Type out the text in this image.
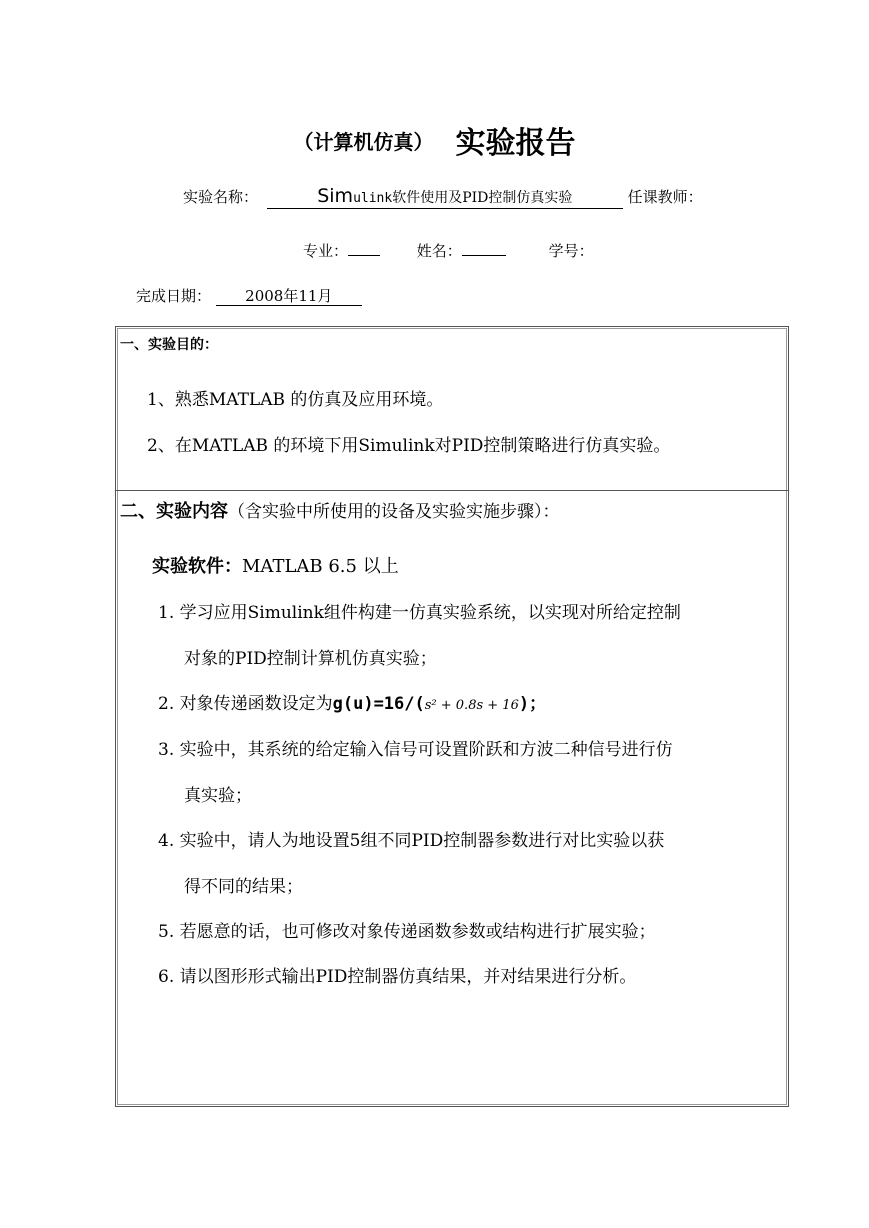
（计算机仿真） 实验报告
实验名称：	Simulink软件使用及PID控制仿真实验	任课教师：
专业：	姓名：	学号：
完成日期： 2008年11月
一、实验目的：
1、熟悉MATLAB 的仿真及应用环境。
2、在MATLAB 的环境下用Simulink对PID控制策略进行仿真实验。
二、实验内容（含实验中所使用的设备及实验实施步骤）：
实验软件：MATLAB 6.5 以上
1. 学习应用Simulink组件构建一仿真实验系统，以实现对所给定控制
对象的PID控制计算机仿真实验；
2. 对象传递函数设定为g(u)=16/(s² + 0.8s + 16)；
3. 实验中，其系统的给定输入信号可设置阶跃和方波二种信号进行仿
真实验；
4. 实验中，请人为地设置5组不同PID控制器参数进行对比实验以获
得不同的结果；
5. 若愿意的话，也可修改对象传递函数参数或结构进行扩展实验；
6. 请以图形形式输出PID控制器仿真结果，并对结果进行分析。
